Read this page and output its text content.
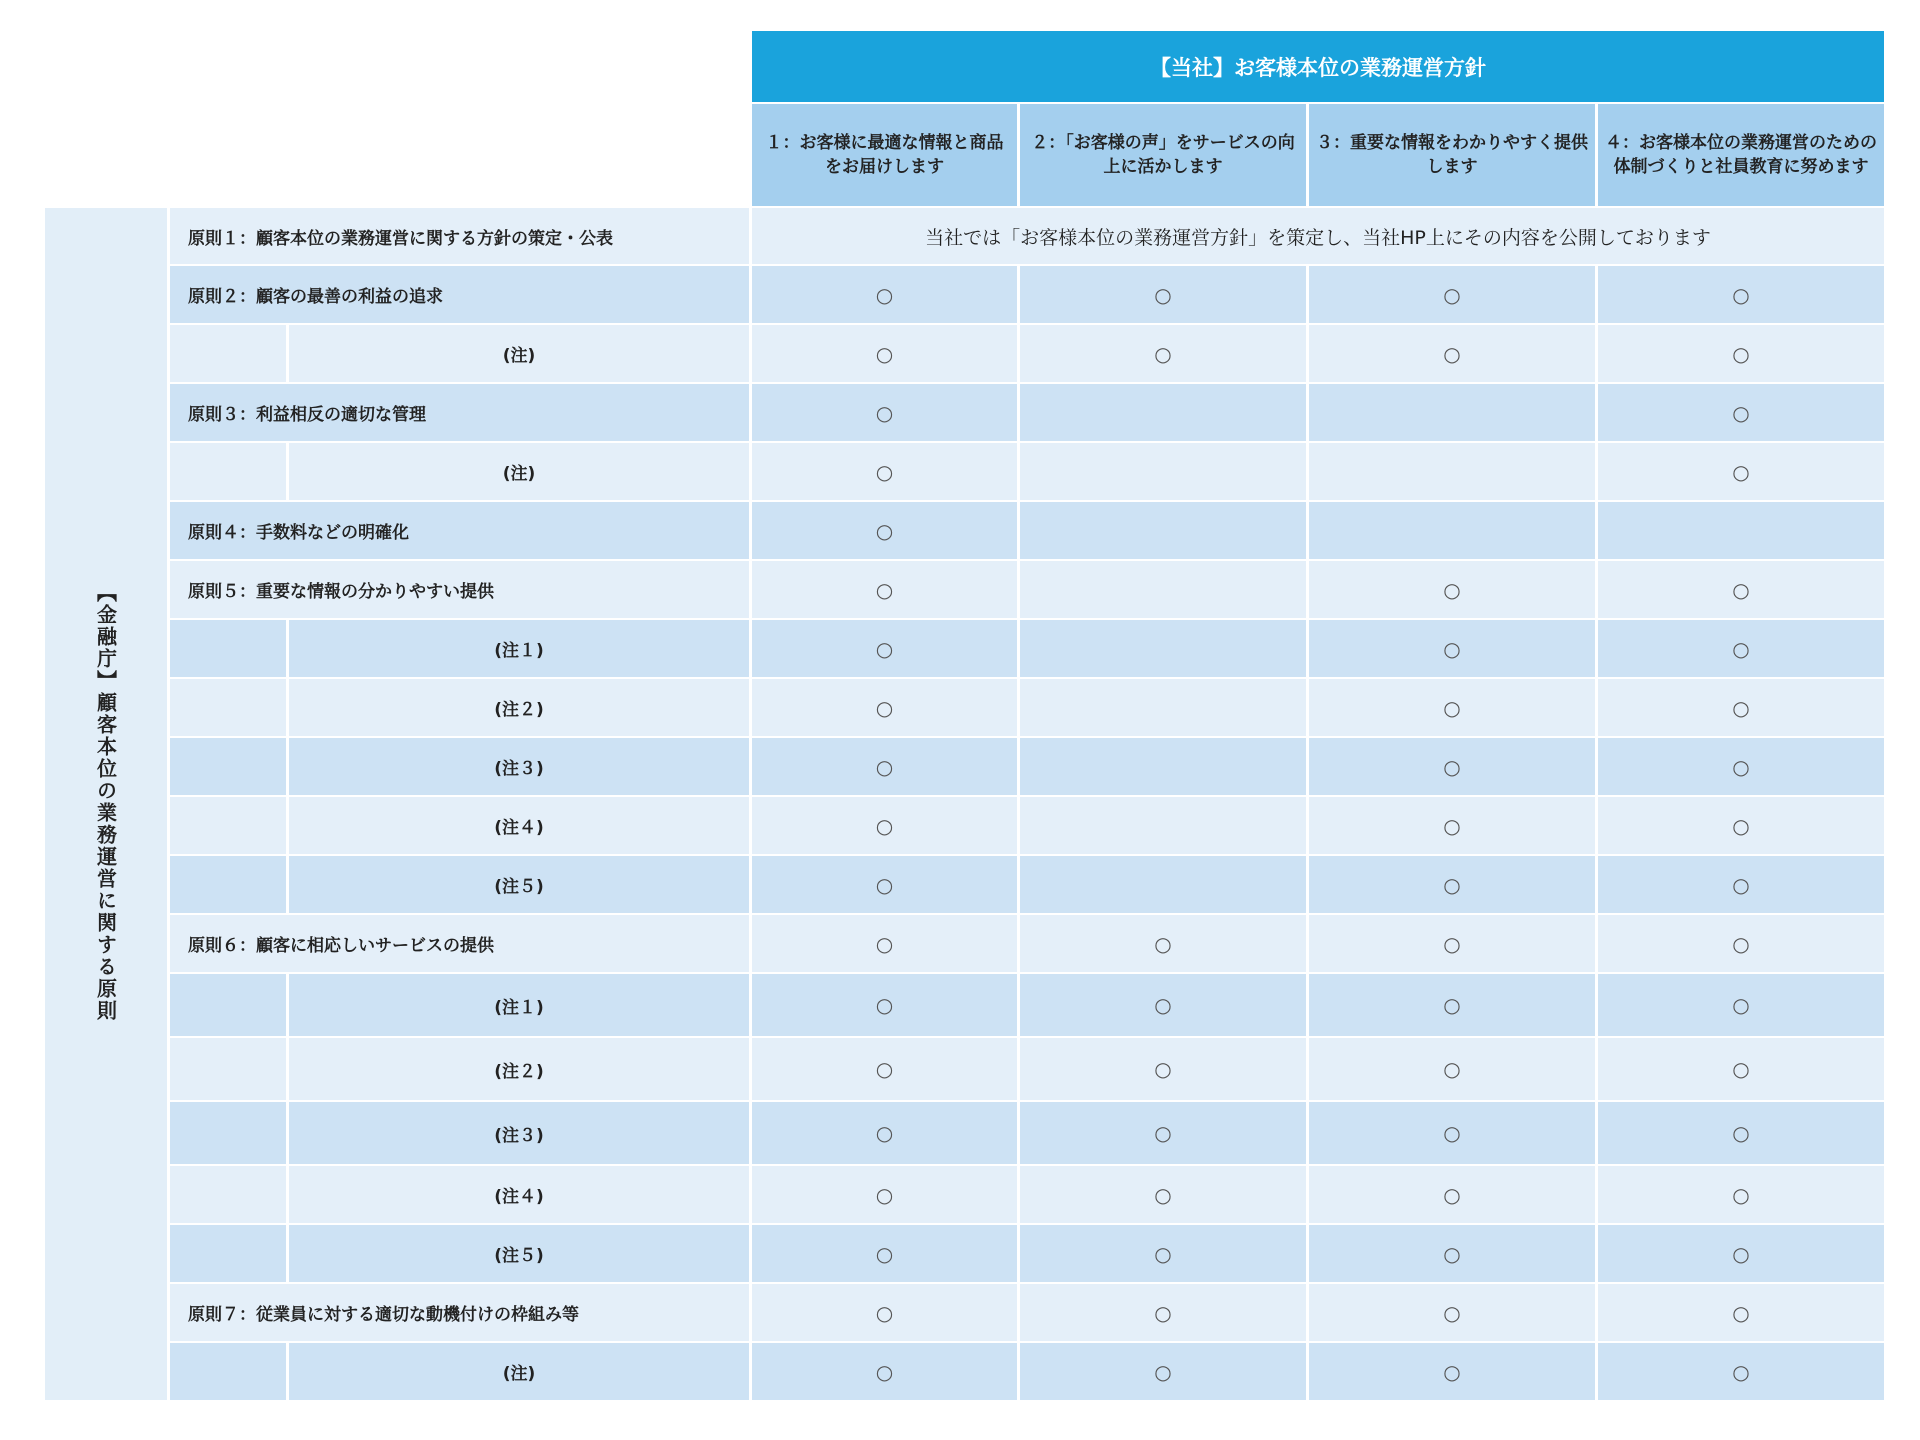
			【当社】お客様本位の業務運営方針			
			１：お客様に最適な情報と商品をお届けします	２：「お客様の声」をサービスの向上に活かします	３：重要な情報をわかりやすく提供します	４：お客様本位の業務運営のための体制づくりと社員教育に努めます
【金融庁】顧客本位の業務運営に関する原則	原則１：顧客本位の業務運営に関する方針の策定・公表		当社では「お客様本位の業務運営方針」を策定し、当社HP上にその内容を公開しております			
	原則２：顧客の最善の利益の追求		○	○	○	○
		(注)	○	○	○	○
	原則３：利益相反の適切な管理		○			○
		(注)	○			○
	原則４：手数料などの明確化		○			
	原則５：重要な情報の分かりやすい提供		○		○	○
		(注１)	○		○	○
		(注２)	○		○	○
		(注３)	○		○	○
		(注４)	○		○	○
		(注５)	○		○	○
	原則６：顧客に相応しいサービスの提供		○	○	○	○
		(注１)	○	○	○	○
		(注２)	○	○	○	○
		(注３)	○	○	○	○
		(注４)	○	○	○	○
		(注５)	○	○	○	○
	原則７：従業員に対する適切な動機付けの枠組み等		○	○	○	○
		(注)	○	○	○	○
